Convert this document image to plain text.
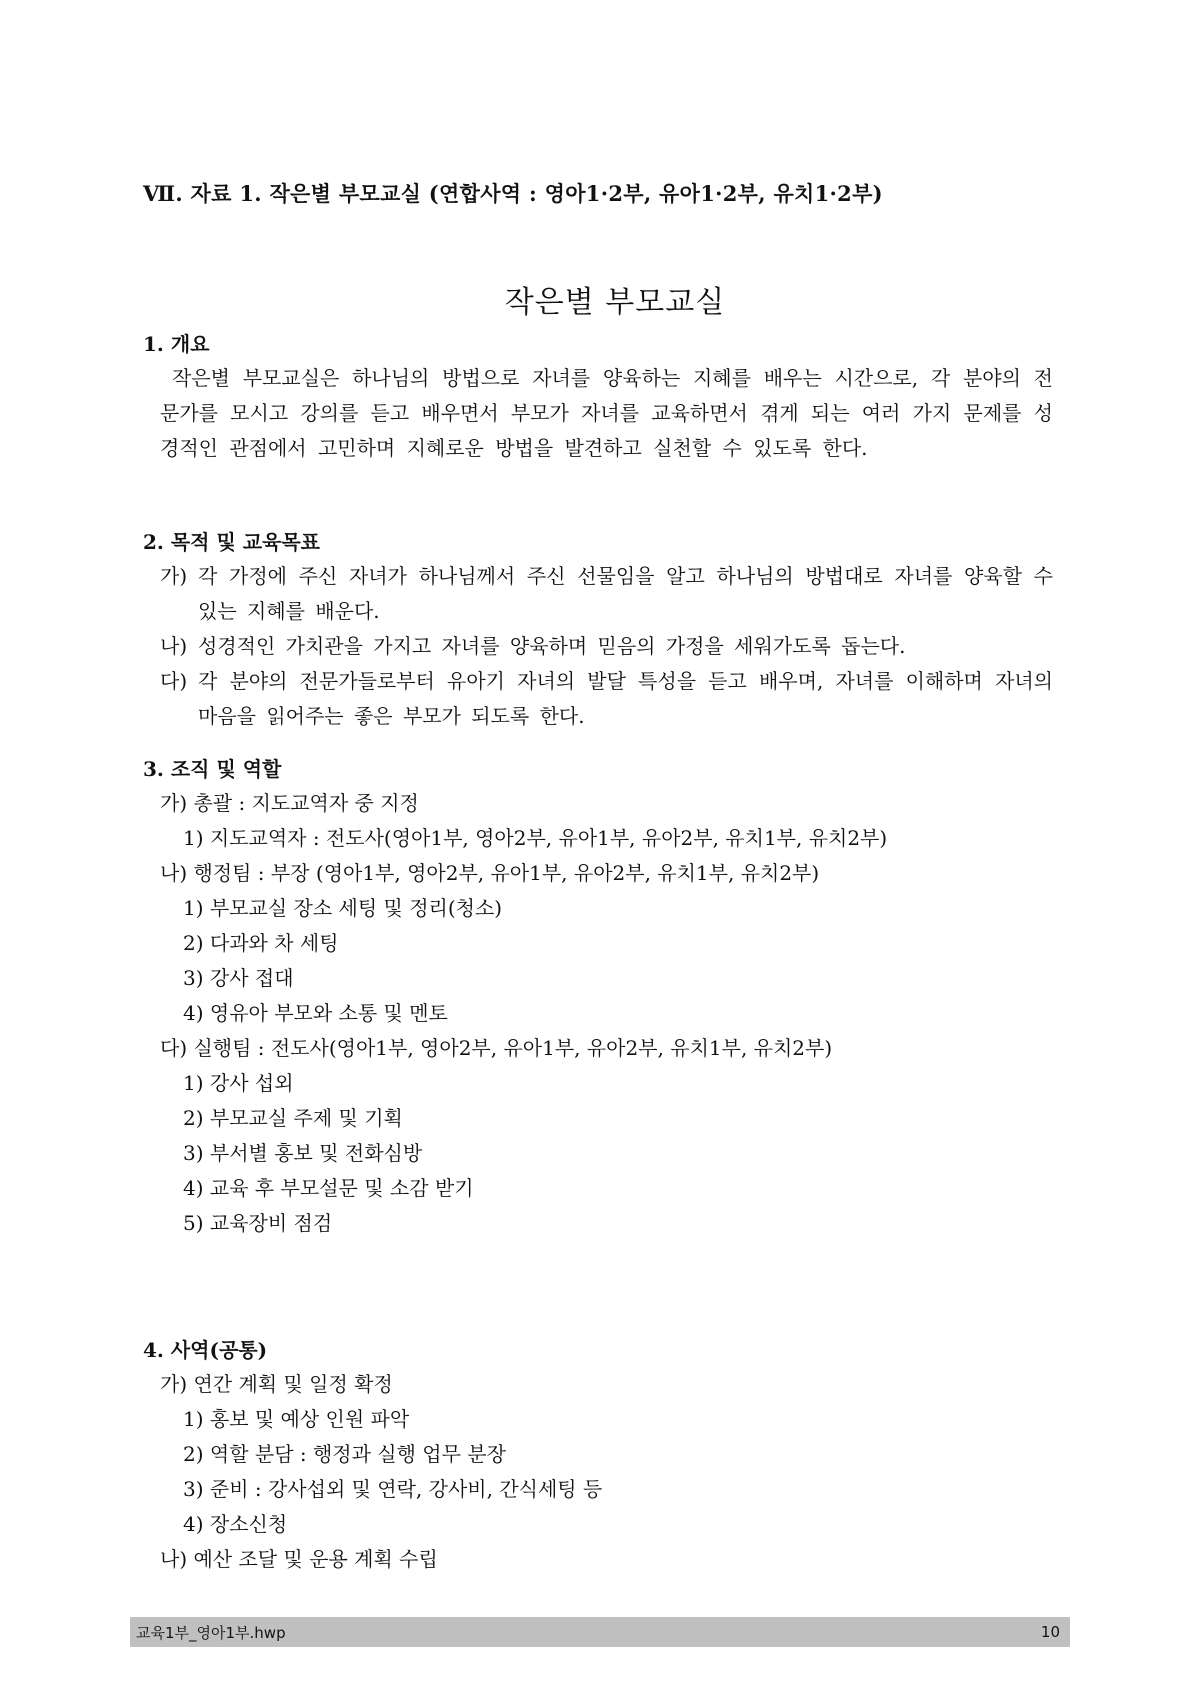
Ⅶ. 자료 1. 작은별 부모교실 (연합사역 : 영아1·2부, 유아1·2부, 유치1·2부)
작은별 부모교실
1. 개요
작은별 부모교실은 하나님의 방법으로 자녀를 양육하는 지혜를 배우는 시간으로, 각 분야의 전문가를 모시고 강의를 듣고 배우면서 부모가 자녀를 교육하면서 겪게 되는 여러 가지 문제를 성경적인 관점에서 고민하며 지혜로운 방법을 발견하고 실천할 수 있도록 한다.
2. 목적 및 교육목표
가) 각 가정에 주신 자녀가 하나님께서 주신 선물임을 알고 하나님의 방법대로 자녀를 양육할 수 있는 지혜를 배운다.
나) 성경적인 가치관을 가지고 자녀를 양육하며 믿음의 가정을 세워가도록 돕는다.
다) 각 분야의 전문가들로부터 유아기 자녀의 발달 특성을 듣고 배우며, 자녀를 이해하며 자녀의 마음을 읽어주는 좋은 부모가 되도록 한다.
3. 조직 및 역할
가) 총괄 : 지도교역자 중 지정
1) 지도교역자 : 전도사(영아1부, 영아2부, 유아1부, 유아2부, 유치1부, 유치2부)
나) 행정팀 : 부장 (영아1부, 영아2부, 유아1부, 유아2부, 유치1부, 유치2부)
1) 부모교실 장소 세팅 및 정리(청소)
2) 다과와 차 세팅
3) 강사 접대
4) 영유아 부모와 소통 및 멘토
다) 실행팀 : 전도사(영아1부, 영아2부, 유아1부, 유아2부, 유치1부, 유치2부)
1) 강사 섭외
2) 부모교실 주제 및 기획
3) 부서별 홍보 및 전화심방
4) 교육 후 부모설문 및 소감 받기
5) 교육장비 점검
4. 사역(공통)
가) 연간 계획 및 일정 확정
1) 홍보 및 예상 인원 파악
2) 역할 분담 : 행정과 실행 업무 분장
3) 준비 : 강사섭외 및 연락, 강사비, 간식세팅 등
4) 장소신청
나) 예산 조달 및 운용 계획 수립
교육1부_영아1부.hwp	10
